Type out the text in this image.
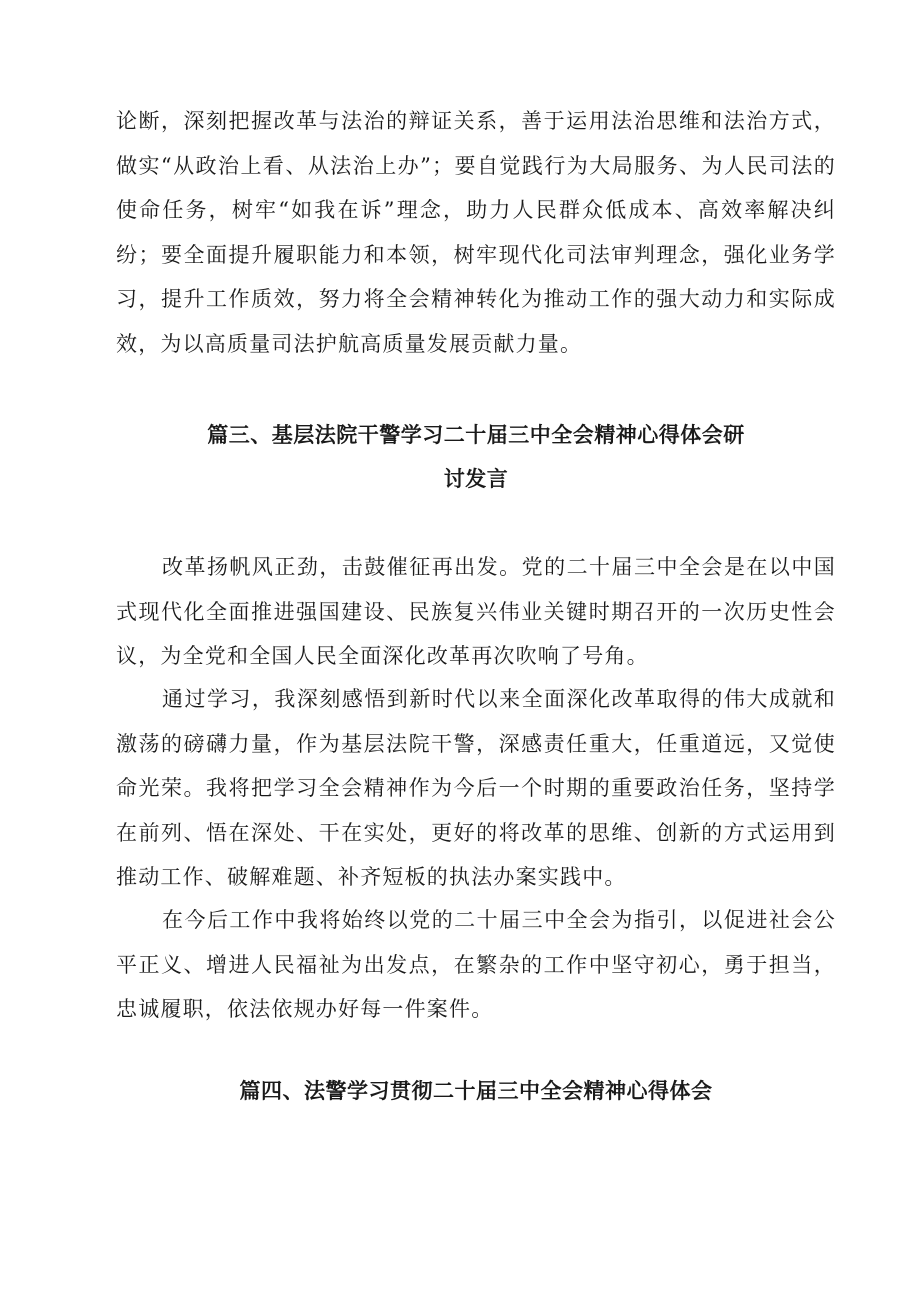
论断，深刻把握改革与法治的辩证关系，善于运用法治思维和法治方式，做实“从政治上看、从法治上办”；要自觉践行为大局服务、为人民司法的使命任务，树牢“如我在诉”理念，助力人民群众低成本、高效率解决纠纷；要全面提升履职能力和本领，树牢现代化司法审判理念，强化业务学习，提升工作质效，努力将全会精神转化为推动工作的强大动力和实际成效，为以高质量司法护航高质量发展贡献力量。

篇三、基层法院干警学习二十届三中全会精神心得体会研
讨发言

改革扬帆风正劲，击鼓催征再出发。党的二十届三中全会是在以中国式现代化全面推进强国建设、民族复兴伟业关键时期召开的一次历史性会议，为全党和全国人民全面深化改革再次吹响了号角。

通过学习，我深刻感悟到新时代以来全面深化改革取得的伟大成就和激荡的磅礴力量，作为基层法院干警，深感责任重大，任重道远，又觉使命光荣。我将把学习全会精神作为今后一个时期的重要政治任务，坚持学在前列、悟在深处、干在实处，更好的将改革的思维、创新的方式运用到推动工作、破解难题、补齐短板的执法办案实践中。

在今后工作中我将始终以党的二十届三中全会为指引，以促进社会公平正义、增进人民福祉为出发点，在繁杂的工作中坚守初心，勇于担当，忠诚履职，依法依规办好每一件案件。

篇四、法警学习贯彻二十届三中全会精神心得体会
